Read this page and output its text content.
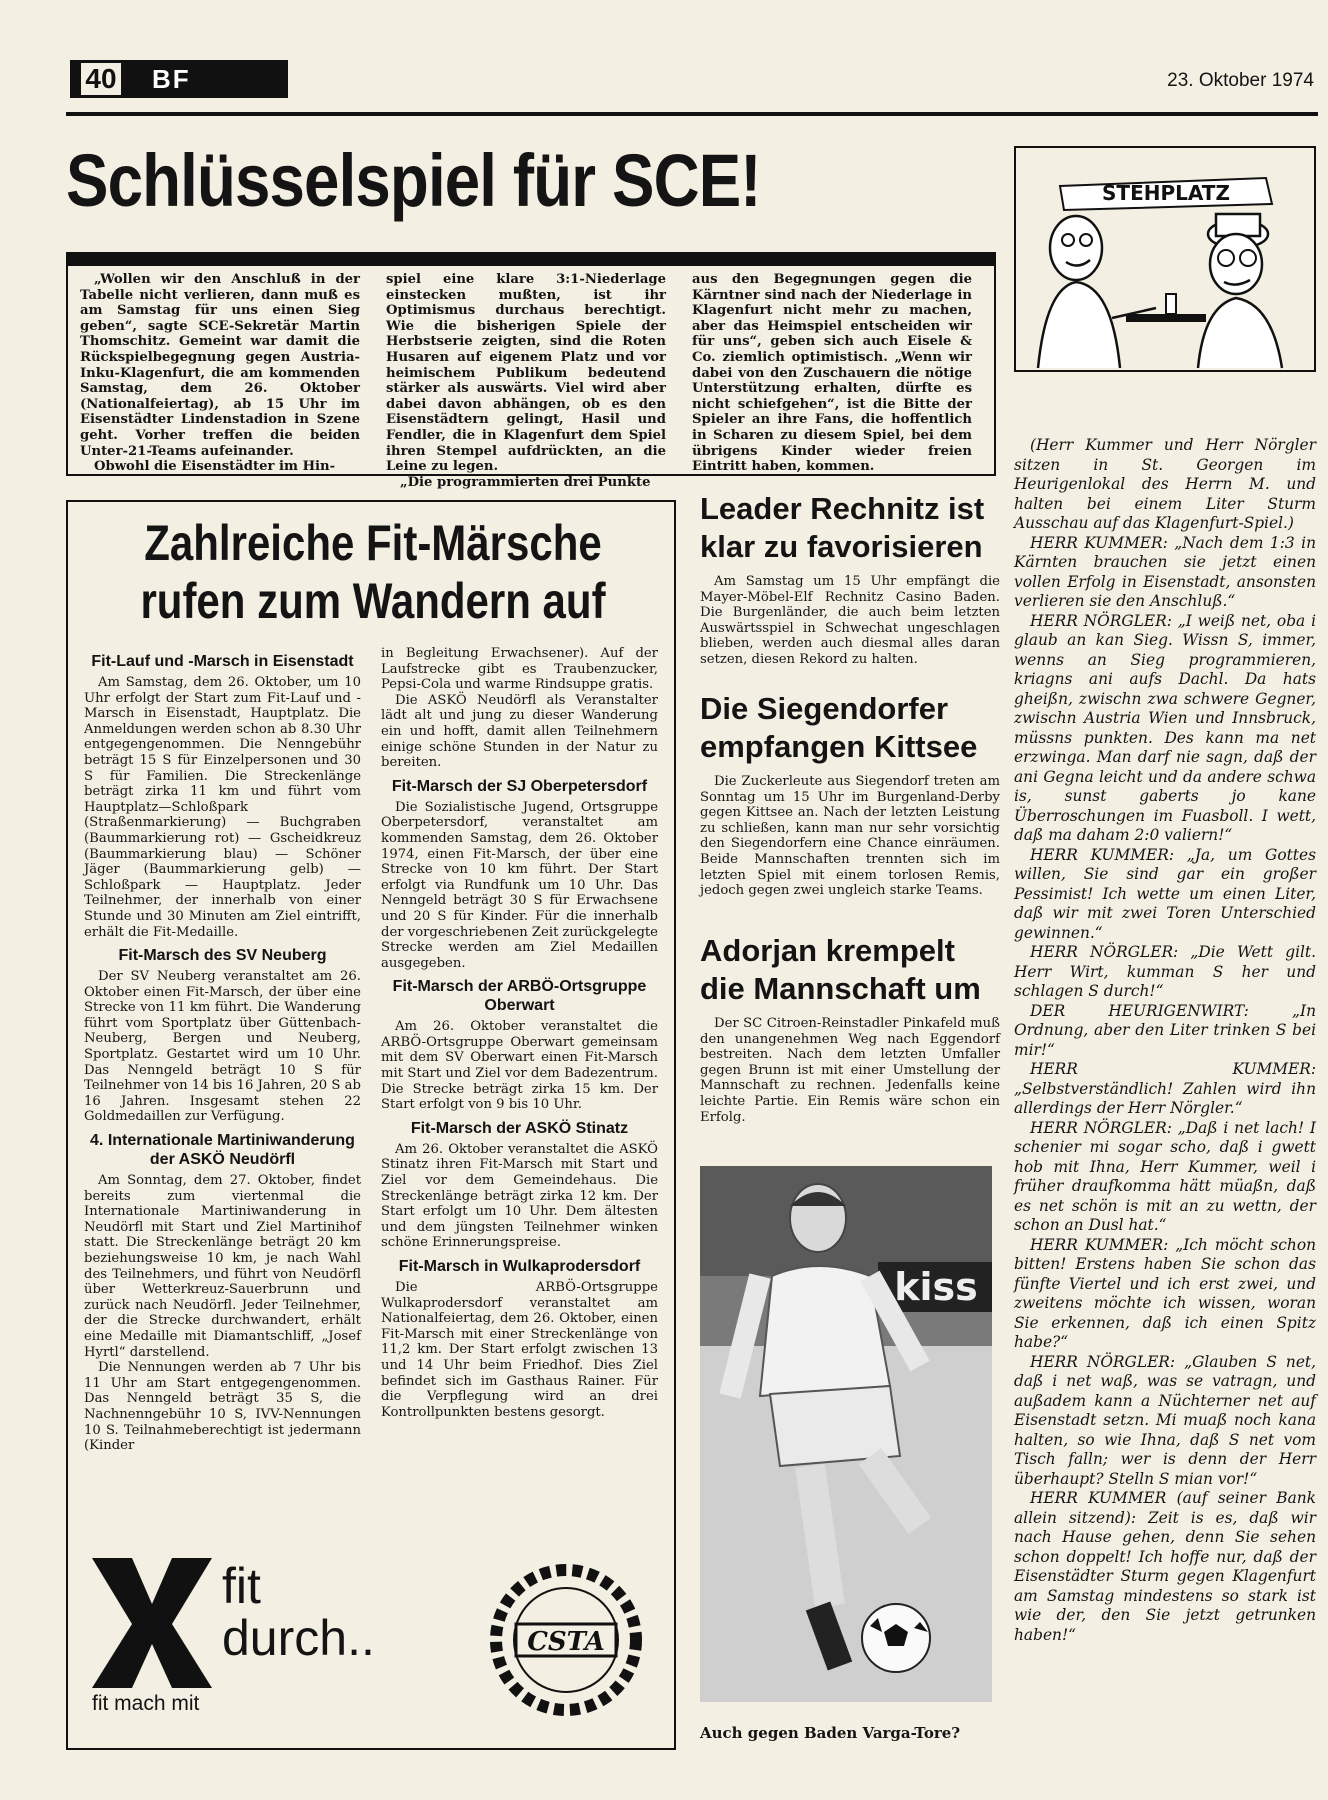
40	BF	23. Oktober 1974
Schlüsselspiel für SCE!

„Wollen wir den Anschluß in der Tabelle nicht verlieren, dann muß es am Samstag für uns einen Sieg geben“, sagte SCE-Sekretär Martin Thomschitz. Gemeint war damit die Rückspielbegegnung gegen Austria-Inku-Klagenfurt, die am kommenden Samstag, dem 26. Oktober (Nationalfeiertag), ab 15 Uhr im Eisenstädter Lindenstadion in Szene geht. Vorher treffen die beiden Unter-21-Teams aufeinander.

Obwohl die Eisenstädter im Hin-

spiel eine klare 3:1-Niederlage einstecken mußten, ist ihr Optimismus durchaus berechtigt. Wie die bisherigen Spiele der Herbstserie zeigten, sind die Roten Husaren auf eigenem Platz und vor heimischem Publikum bedeutend stärker als auswärts. Viel wird aber dabei davon abhängen, ob es den Eisenstädtern gelingt, Hasil und Fendler, die in Klagenfurt dem Spiel ihren Stempel aufdrückten, an die Leine zu legen.

„Die programmierten drei Punkte

aus den Begegnungen gegen die Kärntner sind nach der Niederlage in Klagenfurt nicht mehr zu machen, aber das Heimspiel entscheiden wir für uns“, geben sich auch Eisele & Co. ziemlich optimistisch. „Wenn wir dabei von den Zuschauern die nötige Unterstützung erhalten, dürfte es nicht schiefgehen“, ist die Bitte der Spieler an ihre Fans, die hoffentlich in Scharen zu diesem Spiel, bei dem übrigens Kinder wieder freien Eintritt haben, kommen.

STEHPLATZ

(Herr Kummer und Herr Nörgler sitzen in St. Georgen im Heurigenlokal des Herrn M. und halten bei einem Liter Sturm Ausschau auf das Klagenfurt-Spiel.)

HERR KUMMER: „Nach dem 1:3 in Kärnten brauchen sie jetzt einen vollen Erfolg in Eisenstadt, ansonsten verlieren sie den Anschluß.“

HERR NÖRGLER: „I weiß net, oba i glaub an kan Sieg. Wissn S, immer, wenns an Sieg programmieren, kriagns ani aufs Dachl. Da hats gheißn, zwischn zwa schwere Gegner, zwischn Austria Wien und Innsbruck, müssns punkten. Des kann ma net erzwinga. Man darf nie sagn, daß der ani Gegna leicht und da andere schwa is, sunst gaberts jo kane Überroschungen im Fuasboll. I wett, daß ma daham 2:0 valiern!“

HERR KUMMER: „Ja, um Gottes willen, Sie sind gar ein großer Pessimist! Ich wette um einen Liter, daß wir mit zwei Toren Unterschied gewinnen.“

HERR NÖRGLER: „Die Wett gilt. Herr Wirt, kumman S her und schlagen S durch!“

DER HEURIGENWIRT: „In Ordnung, aber den Liter trinken S bei mir!“

HERR KUMMER: „Selbstverständlich! Zahlen wird ihn allerdings der Herr Nörgler.“

HERR NÖRGLER: „Daß i net lach! I schenier mi sogar scho, daß i gwett hob mit Ihna, Herr Kummer, weil i früher draufkomma hätt müaßn, daß es net schön is mit an zu wettn, der schon an Dusl hat.“

HERR KUMMER: „Ich möcht schon bitten! Erstens haben Sie schon das fünfte Viertel und ich erst zwei, und zweitens möchte ich wissen, woran Sie erkennen, daß ich einen Spitz habe?“

HERR NÖRGLER: „Glauben S net, daß i net waß, was se vatragn, und außadem kann a Nüchterner net auf Eisenstadt setzn. Mi muaß noch kana halten, so wie Ihna, daß S net vom Tisch falln; wer is denn der Herr überhaupt? Stelln S mian vor!“

HERR KUMMER (auf seiner Bank allein sitzend): Zeit is es, daß wir nach Hause gehen, denn Sie sehen schon doppelt! Ich hoffe nur, daß der Eisenstädter Sturm gegen Klagenfurt am Samstag mindestens so stark ist wie der, den Sie jetzt getrunken haben!“

Zahlreiche Fit-Märsche rufen zum Wandern auf
Fit-Lauf und -Marsch in Eisenstadt

Am Samstag, dem 26. Oktober, um 10 Uhr erfolgt der Start zum Fit-Lauf und -Marsch in Eisenstadt, Hauptplatz. Die Anmeldungen werden schon ab 8.30 Uhr entgegengenommen. Die Nenngebühr beträgt 15 S für Einzelpersonen und 30 S für Familien. Die Streckenlänge beträgt zirka 11 km und führt vom Hauptplatz—Schloßpark (Straßenmarkierung) — Buchgraben (Baummarkierung rot) — Gscheidkreuz (Baummarkierung blau) — Schöner Jäger (Baummarkierung gelb) — Schloßpark — Hauptplatz. Jeder Teilnehmer, der innerhalb von einer Stunde und 30 Minuten am Ziel eintrifft, erhält die Fit-Medaille.

Fit-Marsch des SV Neuberg

Der SV Neuberg veranstaltet am 26. Oktober einen Fit-Marsch, der über eine Strecke von 11 km führt. Die Wanderung führt vom Sportplatz über Güttenbach-Neuberg, Bergen und Neuberg, Sportplatz. Gestartet wird um 10 Uhr. Das Nenngeld beträgt 10 S für Teilnehmer von 14 bis 16 Jahren, 20 S ab 16 Jahren. Insgesamt stehen 22 Goldmedaillen zur Verfügung.

4. Internationale Martiniwanderung der ASKÖ Neudörfl

Am Sonntag, dem 27. Oktober, findet bereits zum viertenmal die Internationale Martiniwanderung in Neudörfl mit Start und Ziel Martinihof statt. Die Streckenlänge beträgt 20 km beziehungsweise 10 km, je nach Wahl des Teilnehmers, und führt von Neudörfl über Wetterkreuz-Sauerbrunn und zurück nach Neudörfl. Jeder Teilnehmer, der die Strecke durchwandert, erhält eine Medaille mit Diamantschliff, „Josef Hyrtl“ darstellend.

Die Nennungen werden ab 7 Uhr bis 11 Uhr am Start entgegengenommen. Das Nenngeld beträgt 35 S, die Nachnenngebühr 10 S, IVV-Nennungen 10 S. Teilnahmeberechtigt ist jedermann (Kinder

in Begleitung Erwachsener). Auf der Laufstrecke gibt es Traubenzucker, Pepsi-Cola und warme Rindsuppe gratis.

Die ASKÖ Neudörfl als Veranstalter lädt alt und jung zu dieser Wanderung ein und hofft, damit allen Teilnehmern einige schöne Stunden in der Natur zu bereiten.

Fit-Marsch der SJ Oberpetersdorf

Die Sozialistische Jugend, Ortsgruppe Oberpetersdorf, veranstaltet am kommenden Samstag, dem 26. Oktober 1974, einen Fit-Marsch, der über eine Strecke von 10 km führt. Der Start erfolgt via Rundfunk um 10 Uhr. Das Nenngeld beträgt 30 S für Erwachsene und 20 S für Kinder. Für die innerhalb der vorgeschriebenen Zeit zurückgelegte Strecke werden am Ziel Medaillen ausgegeben.

Fit-Marsch der ARBÖ-Ortsgruppe Oberwart

Am 26. Oktober veranstaltet die ARBÖ-Ortsgruppe Oberwart gemeinsam mit dem SV Oberwart einen Fit-Marsch mit Start und Ziel vor dem Badezentrum. Die Strecke beträgt zirka 15 km. Der Start erfolgt von 9 bis 10 Uhr.

Fit-Marsch der ASKÖ Stinatz

Am 26. Oktober veranstaltet die ASKÖ Stinatz ihren Fit-Marsch mit Start und Ziel vor dem Gemeindehaus. Die Streckenlänge beträgt zirka 12 km. Der Start erfolgt um 10 Uhr. Dem ältesten und dem jüngsten Teilnehmer winken schöne Erinnerungspreise.

Fit-Marsch in Wulkaprodersdorf

Die ARBÖ-Ortsgruppe Wulkaprodersdorf veranstaltet am Nationalfeiertag, dem 26. Oktober, einen Fit-Marsch mit einer Streckenlänge von 11,2 km. Der Start erfolgt zwischen 13 und 14 Uhr beim Friedhof. Dies Ziel befindet sich im Gasthaus Rainer. Für die Verpflegung wird an drei Kontrollpunkten bestens gesorgt.

fit
durch..
fit mach mit
CSTA
Leader Rechnitz ist klar zu favorisieren

Am Samstag um 15 Uhr empfängt die Mayer-Möbel-Elf Rechnitz Casino Baden. Die Burgenländer, die auch beim letzten Auswärtsspiel in Schwechat ungeschlagen blieben, werden auch diesmal alles daran setzen, diesen Rekord zu halten.

Die Siegendorfer empfangen Kittsee

Die Zuckerleute aus Siegendorf treten am Sonntag um 15 Uhr im Burgenland-Derby gegen Kittsee an. Nach der letzten Leistung zu schließen, kann man nur sehr vorsichtig den Siegendorfern eine Chance einräumen. Beide Mannschaften trennten sich im letzten Spiel mit einem torlosen Remis, jedoch gegen zwei ungleich starke Teams.

Adorjan krempelt die Mannschaft um

Der SC Citroen-Reinstadler Pinkafeld muß den unangenehmen Weg nach Eggendorf bestreiten. Nach dem letzten Umfaller gegen Brunn ist mit einer Umstellung der Mannschaft zu rechnen. Jedenfalls keine leichte Partie. Ein Remis wäre schon ein Erfolg.

kiss
Auch gegen Baden Varga-Tore?
